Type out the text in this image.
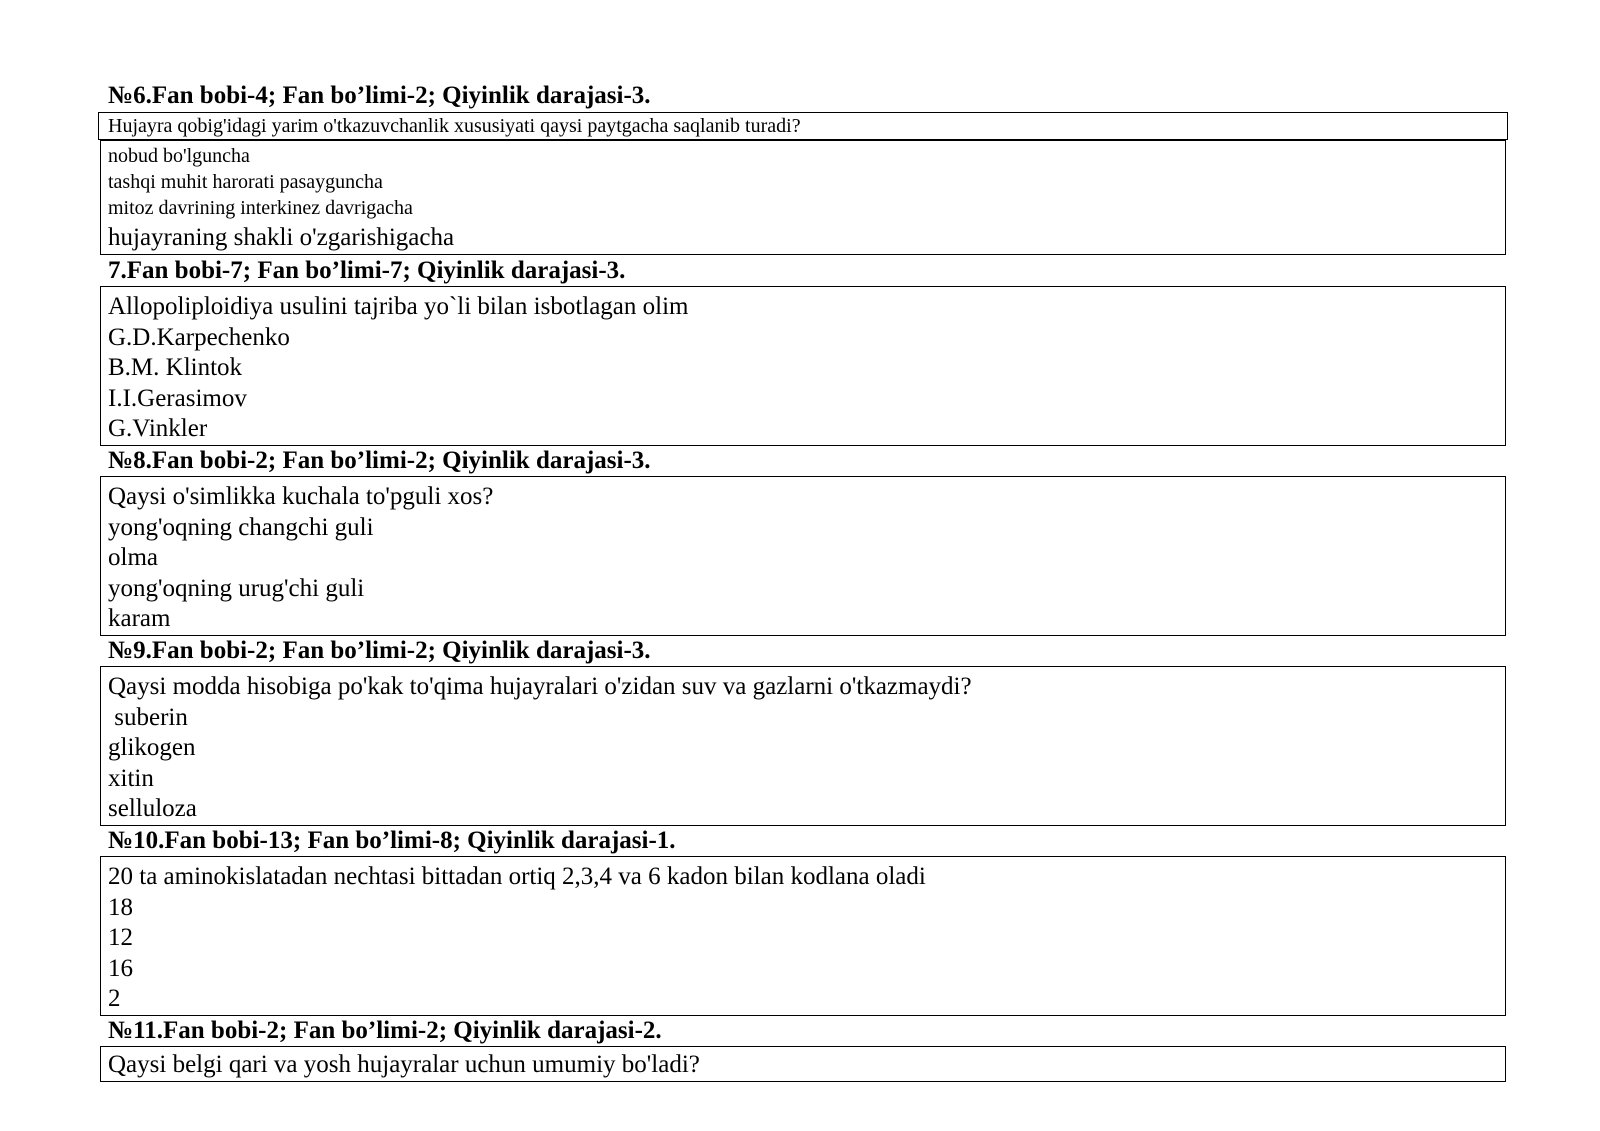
№6.Fan bobi-4; Fan bo’limi-2; Qiyinlik darajasi-3.
Hujayra qobig'idagi yarim o'tkazuvchanlik xususiyati qaysi paytgacha saqlanib turadi?
nobud bo'lguncha
tashqi muhit harorati pasayguncha
mitoz davrining interkinez davrigacha
hujayraning shakli o'zgarishigacha
7.Fan bobi-7; Fan bo’limi-7; Qiyinlik darajasi-3.
Allopoliploidiya usulini tajriba yo`li bilan isbotlagan olim
G.D.Karpechenko
B.M. Klintok
I.I.Gerasimov
G.Vinkler
№8.Fan bobi-2; Fan bo’limi-2; Qiyinlik darajasi-3.
Qaysi o'simlikka kuchala to'pguli xos?
yong'oqning changchi guli
olma
yong'oqning urug'chi guli
karam
№9.Fan bobi-2; Fan bo’limi-2; Qiyinlik darajasi-3.
Qaysi modda hisobiga po'kak to'qima hujayralari o'zidan suv va gazlarni o'tkazmaydi?
suberin
glikogen
xitin
selluloza
№10.Fan bobi-13; Fan bo’limi-8; Qiyinlik darajasi-1.
20 ta aminokislatadan nechtasi bittadan ortiq 2,3,4 va 6 kadon bilan kodlana oladi
18
12
16
2
№11.Fan bobi-2; Fan bo’limi-2; Qiyinlik darajasi-2.
Qaysi belgi qari va yosh hujayralar uchun umumiy bo'ladi?
